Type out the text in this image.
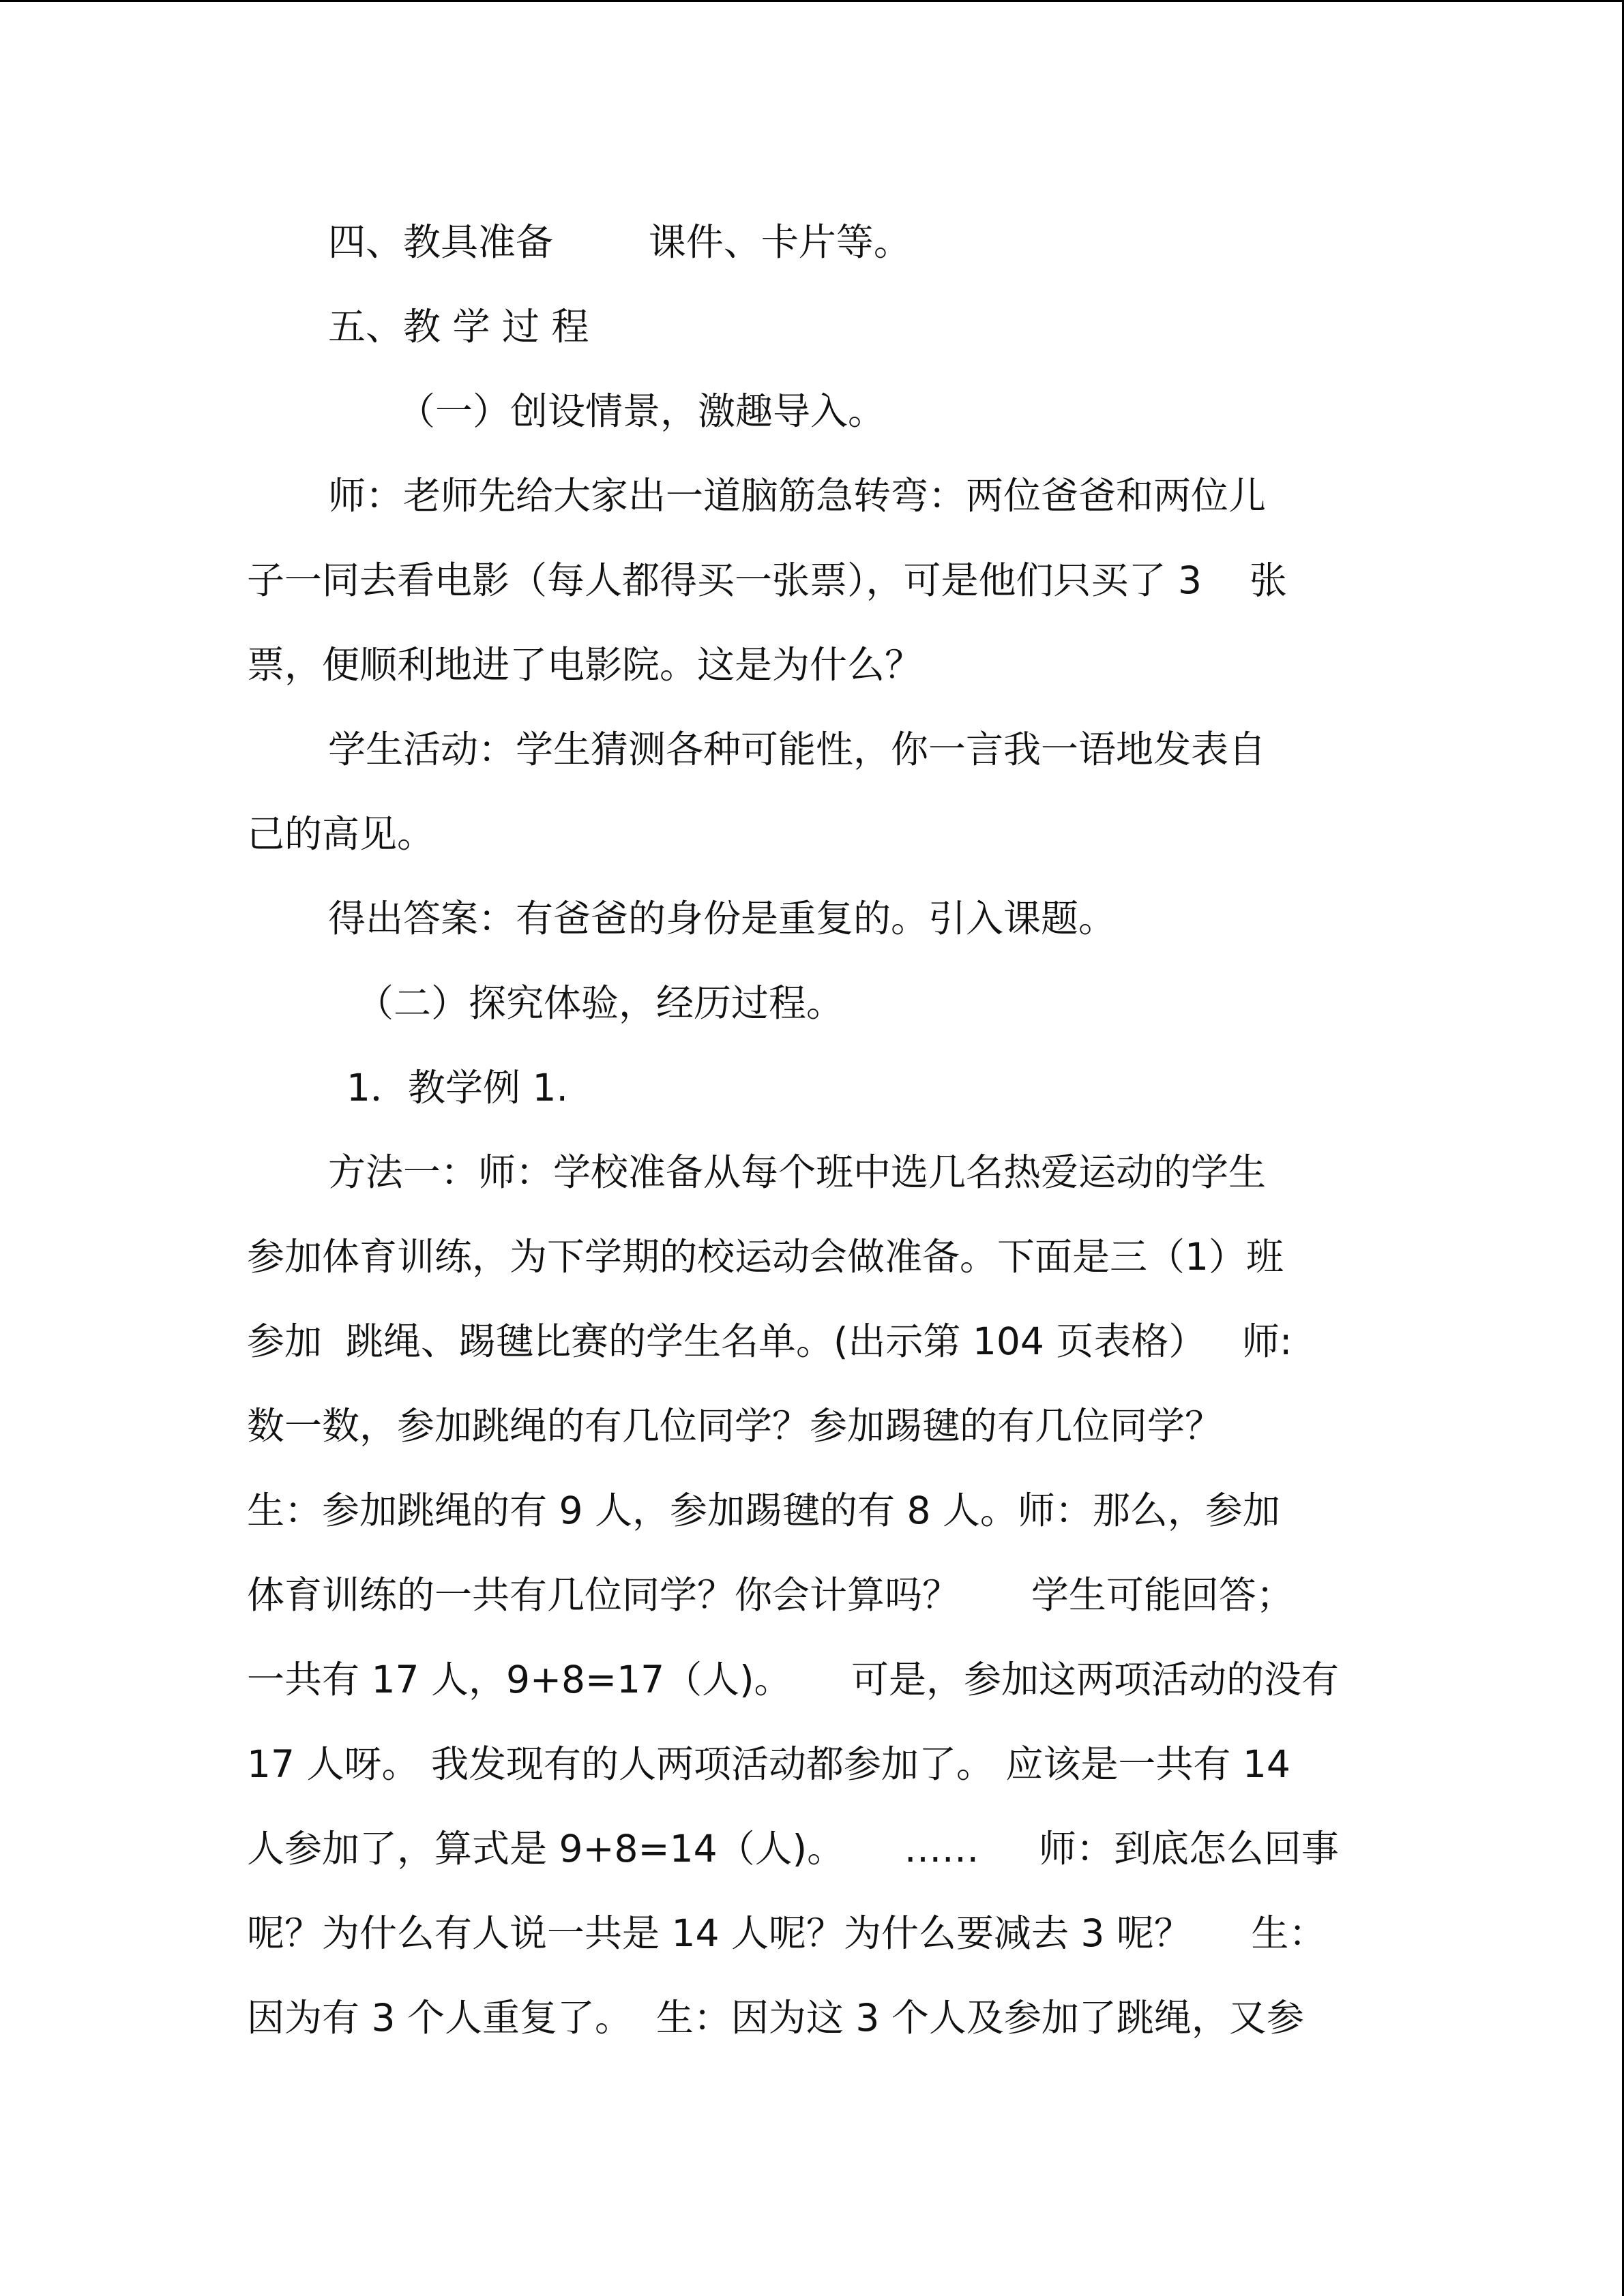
四、教具准备        课件、卡片等。
五、教 学 过 程
（一）创设情景，激趣导入。
师：老师先给大家出一道脑筋急转弯：两位爸爸和两位儿
子一同去看电影（每人都得买一张票），可是他们只买了 3    张
票，便顺利地进了电影院。这是为什么？
学生活动：学生猜测各种可能性，你一言我一语地发表自
己的高见。
得出答案：有爸爸的身份是重复的。引入课题。
（二）探究体验，经历过程。
1．教学例 1.
方法一：师：学校准备从每个班中选几名热爱运动的学生
参加体育训练，为下学期的校运动会做准备。下面是三（1）班
参加  跳绳、踢毽比赛的学生名单。(出示第 104 页表格）   师:
数一数，参加跳绳的有几位同学？参加踢毽的有几位同学？
生：参加跳绳的有 9 人，参加踢毽的有 8 人。师：那么，参加
体育训练的一共有几位同学？你会计算吗？      学生可能回答；
一共有 17 人，9+8=17（人)。     可是，参加这两项活动的没有
17 人呀。 我发现有的人两项活动都参加了。 应该是一共有 14
人参加了，算式是 9+8=14（人)。     ……     师：到底怎么回事
呢？为什么有人说一共是 14 人呢？为什么要减去 3 呢？     生：
因为有 3 个人重复了。  生：因为这 3 个人及参加了跳绳，又参
